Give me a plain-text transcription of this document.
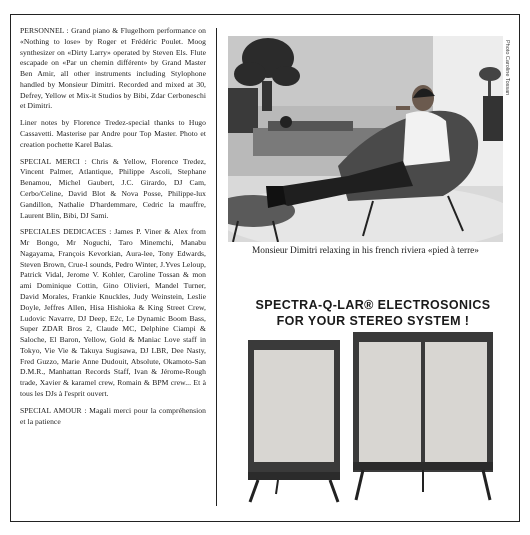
PERSONNEL : Grand piano & Flugelhorn performance on «Nothing to lose» by Roger et Frédéric Poulet. Moog synthesizer on «Dirty Larry» operated by Steven Els. Flute escapade on «Par un chemin différent» by Grand Master Ben Amir, all other instruments including Stylophone handled by Monsieur Dimitri. Recorded and mixed at 30, Defrey, Yellow et Mix-it Studios by Bibi, Zdar Cerboneschi et Dimitri.

Liner notes by Florence Tredez-special thanks to Hugo Cassavetti. Masterise par Andre pour Top Master. Photo et creation pochette Karel Balas.

SPECIAL MERCI : Chris & Yellow, Florence Tredez, Vincent Palmer, Atlantique, Philippe Ascoli, Stephane Benamou, Michel Gaubert, J.C. Girardo, DJ Cam, Cerbo/Celine, David Blot & Nova Posse, Philippe-lux Gandillon, Nathalie D'hardemmare, Cedric la mauffre, Laurent Blin, Bibi, DJ Sami.

SPECIALES DEDICACES : James P. Viner & Alex from Mr Bongo, Mr Noguchi, Taro Minemchi, Manabu Nagayama, François Kevorkian, Aura-lee, Tony Edwards, Steven Brown, Crue-l sounds, Pedro Winter, J.Yves Leloup, Patrick Vidal, Jerome V. Kohler, Caroline Tossan & mon ami Dominique Cottin, Gino Olivieri, Mandel Turner, David Morales, Frankie Knuckles, Judy Weinstein, Leslie Doyle, Jeffres Allen, Hisa Hishioka & King Street Crew, Ludovic Navarre, DJ Deep, E2c, Le Dynamic Boom Bass, Super ZDAR Bros 2, Claude MC, Delphine Ciampi & Saloche, El Baron, Yellow, Gold & Maniac Love staff in Tokyo, Vie Vie & Takuya Sugisawa, DJ LBR, Dee Nasty, Fred Guzzo, Marie Anne Dudouit, Absolute, Okamoto-San D.M.R., Manhattan Records Staff, Ivan & Jérome-Rough trade, Xavier & karamel crew, Romain & BPM crew... Et à tous les DJs à l'esprit ouvert.

SPECIAL AMOUR : Magali merci pour la compréhension et la patience

Photo Caroline Tossan
Monsieur Dimitri relaxing in his french riviera «pied à terre»
SPECTRA-Q-LAR® ELECTROSONICS
FOR YOUR STEREO SYSTEM !
